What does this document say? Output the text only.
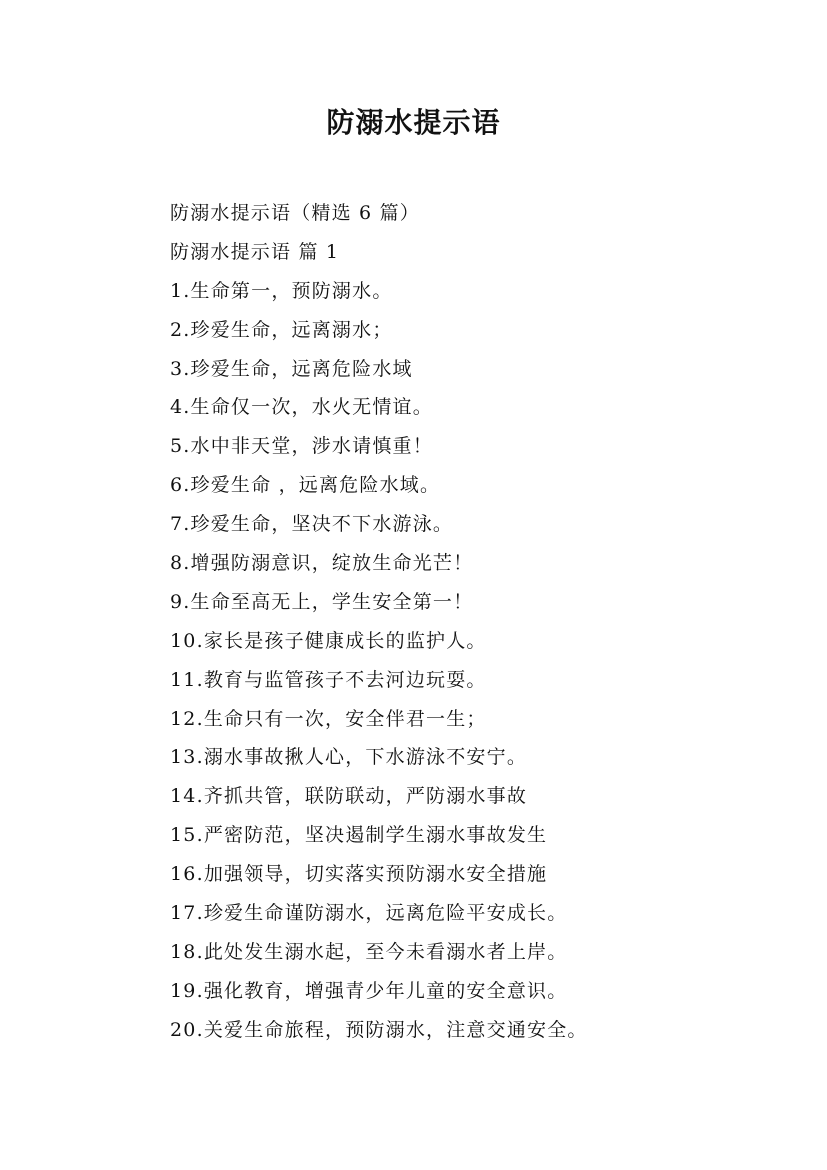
防溺水提示语
防溺水提示语（精选 6 篇）
防溺水提示语 篇 1
1.生命第一，预防溺水。
2.珍爱生命，远离溺水；
3.珍爱生命，远离危险水域
4.生命仅一次，水火无情谊。
5.水中非天堂，涉水请慎重！
6.珍爱生命 ，远离危险水域。
7.珍爱生命，坚决不下水游泳。
8.增强防溺意识，绽放生命光芒！
9.生命至高无上，学生安全第一！
10.家长是孩子健康成长的监护人。
11.教育与监管孩子不去河边玩耍。
12.生命只有一次，安全伴君一生；
13.溺水事故揪人心，下水游泳不安宁。
14.齐抓共管，联防联动，严防溺水事故
15.严密防范，坚决遏制学生溺水事故发生
16.加强领导，切实落实预防溺水安全措施
17.珍爱生命谨防溺水，远离危险平安成长。
18.此处发生溺水起，至今未看溺水者上岸。
19.强化教育，增强青少年儿童的安全意识。
20.关爱生命旅程，预防溺水，注意交通安全。
